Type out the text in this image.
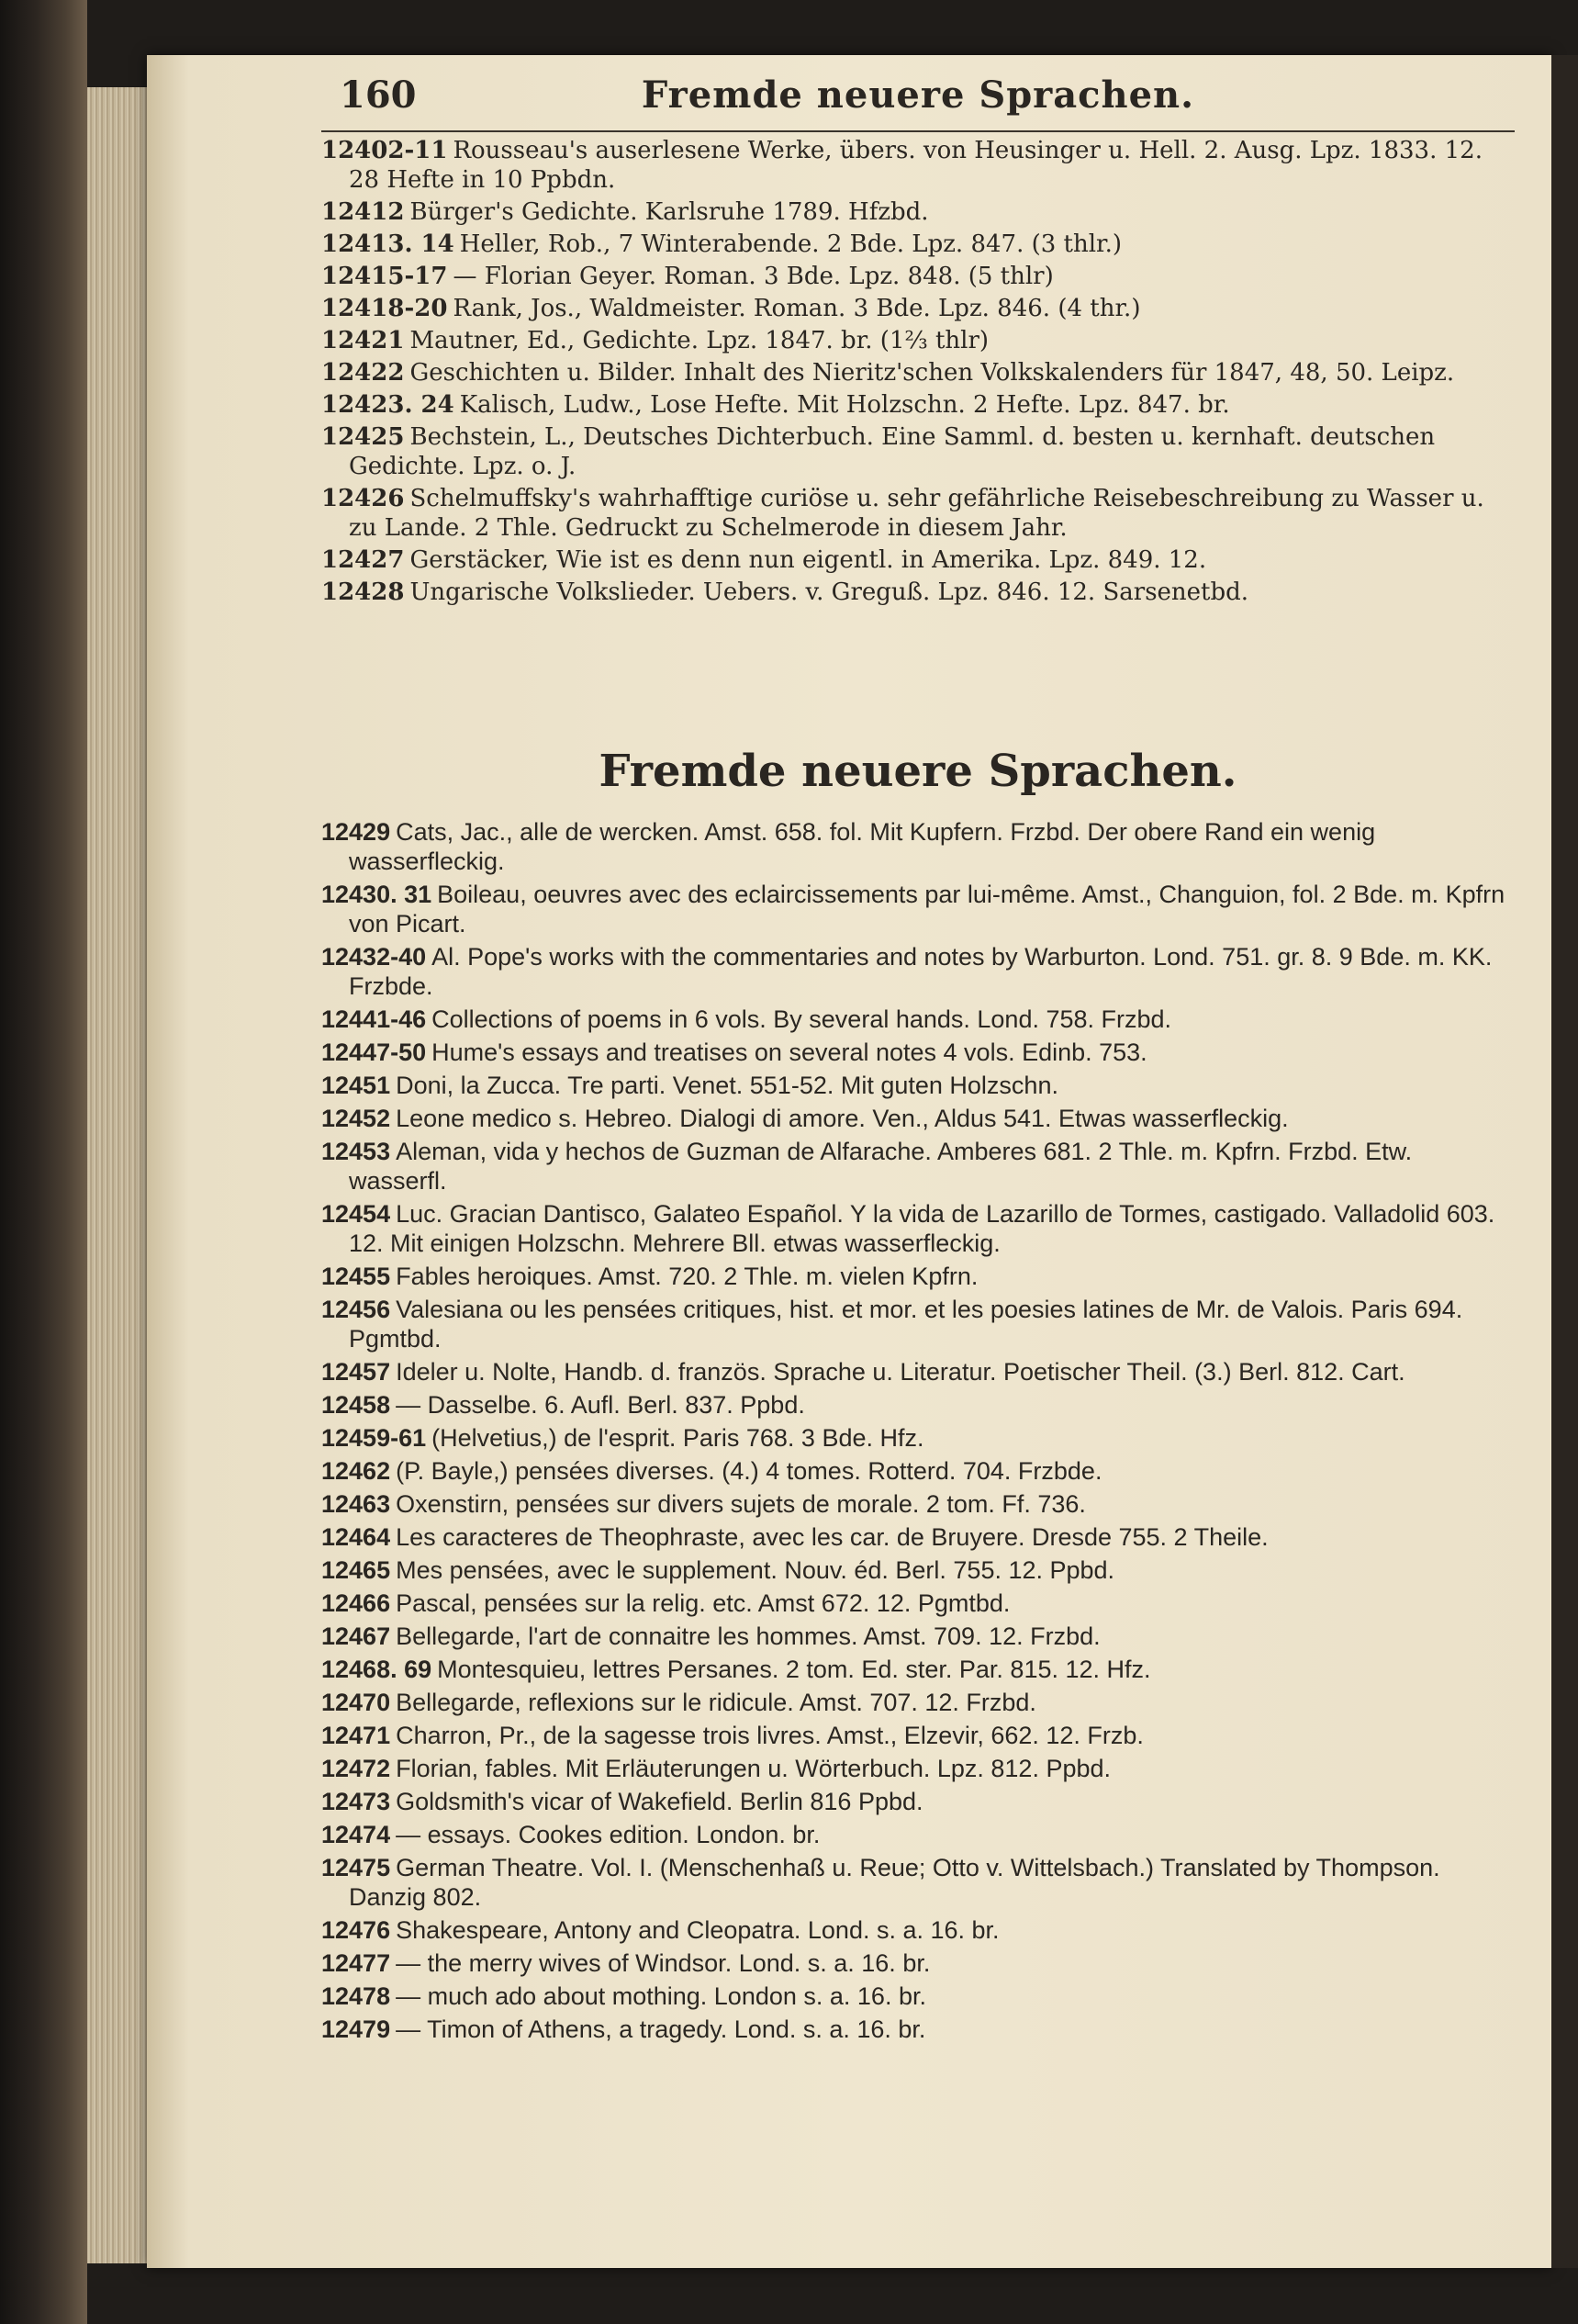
160	Fremde neuere Sprachen.
12402-11 Rousseau's auserlesene Werke, übers. von Heusinger u. Hell. 2. Ausg. Lpz. 1833. 12. 28 Hefte in 10 Ppbdn.
12412 Bürger's Gedichte. Karlsruhe 1789. Hfzbd.
12413. 14 Heller, Rob., 7 Winterabende. 2 Bde. Lpz. 847. (3 thlr.)
12415-17 — Florian Geyer. Roman. 3 Bde. Lpz. 848. (5 thlr)
12418-20 Rank, Jos., Waldmeister. Roman. 3 Bde. Lpz. 846. (4 thr.)
12421 Mautner, Ed., Gedichte. Lpz. 1847. br. (1⅔ thlr)
12422 Geschichten u. Bilder. Inhalt des Nieritz'schen Volkskalenders für 1847, 48, 50. Leipz.
12423. 24 Kalisch, Ludw., Lose Hefte. Mit Holzschn. 2 Hefte. Lpz. 847. br.
12425 Bechstein, L., Deutsches Dichterbuch. Eine Samml. d. besten u. kernhaft. deutschen Gedichte. Lpz. o. J.
12426 Schelmuffsky's wahrhafftige curiöse u. sehr gefährliche Reisebeschreibung zu Wasser u. zu Lande. 2 Thle. Gedruckt zu Schelmerode in diesem Jahr.
12427 Gerstäcker, Wie ist es denn nun eigentl. in Amerika. Lpz. 849. 12.
12428 Ungarische Volkslieder. Uebers. v. Greguß. Lpz. 846. 12. Sarsenetbd.
Fremde neuere Sprachen.
12429 Cats, Jac., alle de wercken. Amst. 658. fol. Mit Kupfern. Frzbd. Der obere Rand ein wenig wasserfleckig.
12430. 31 Boileau, oeuvres avec des eclaircissements par lui-même. Amst., Changuion, fol. 2 Bde. m. Kpfrn von Picart.
12432-40 Al. Pope's works with the commentaries and notes by Warburton. Lond. 751. gr. 8. 9 Bde. m. KK. Frzbde.
12441-46 Collections of poems in 6 vols. By several hands. Lond. 758. Frzbd.
12447-50 Hume's essays and treatises on several notes 4 vols. Edinb. 753.
12451 Doni, la Zucca. Tre parti. Venet. 551-52. Mit guten Holzschn.
12452 Leone medico s. Hebreo. Dialogi di amore. Ven., Aldus 541. Etwas wasserfleckig.
12453 Aleman, vida y hechos de Guzman de Alfarache. Amberes 681. 2 Thle. m. Kpfrn. Frzbd. Etw. wasserfl.
12454 Luc. Gracian Dantisco, Galateo Español. Y la vida de Lazarillo de Tormes, castigado. Valladolid 603. 12. Mit einigen Holzschn. Mehrere Bll. etwas wasserfleckig.
12455 Fables heroiques. Amst. 720. 2 Thle. m. vielen Kpfrn.
12456 Valesiana ou les pensées critiques, hist. et mor. et les poesies latines de Mr. de Valois. Paris 694. Pgmtbd.
12457 Ideler u. Nolte, Handb. d. französ. Sprache u. Literatur. Poetischer Theil. (3.) Berl. 812. Cart.
12458 — Dasselbe. 6. Aufl. Berl. 837. Ppbd.
12459-61 (Helvetius,) de l'esprit. Paris 768. 3 Bde. Hfz.
12462 (P. Bayle,) pensées diverses. (4.) 4 tomes. Rotterd. 704. Frzbde.
12463 Oxenstirn, pensées sur divers sujets de morale. 2 tom. Ff. 736.
12464 Les caracteres de Theophraste, avec les car. de Bruyere. Dresde 755. 2 Theile.
12465 Mes pensées, avec le supplement. Nouv. éd. Berl. 755. 12. Ppbd.
12466 Pascal, pensées sur la relig. etc. Amst 672. 12. Pgmtbd.
12467 Bellegarde, l'art de connaitre les hommes. Amst. 709. 12. Frzbd.
12468. 69 Montesquieu, lettres Persanes. 2 tom. Ed. ster. Par. 815. 12. Hfz.
12470 Bellegarde, reflexions sur le ridicule. Amst. 707. 12. Frzbd.
12471 Charron, Pr., de la sagesse trois livres. Amst., Elzevir, 662. 12. Frzb.
12472 Florian, fables. Mit Erläuterungen u. Wörterbuch. Lpz. 812. Ppbd.
12473 Goldsmith's vicar of Wakefield. Berlin 816 Ppbd.
12474 — essays. Cookes edition. London. br.
12475 German Theatre. Vol. I. (Menschenhaß u. Reue; Otto v. Wittelsbach.) Translated by Thompson. Danzig 802.
12476 Shakespeare, Antony and Cleopatra. Lond. s. a. 16. br.
12477 — the merry wives of Windsor. Lond. s. a. 16. br.
12478 — much ado about mothing. London s. a. 16. br.
12479 — Timon of Athens, a tragedy. Lond. s. a. 16. br.
